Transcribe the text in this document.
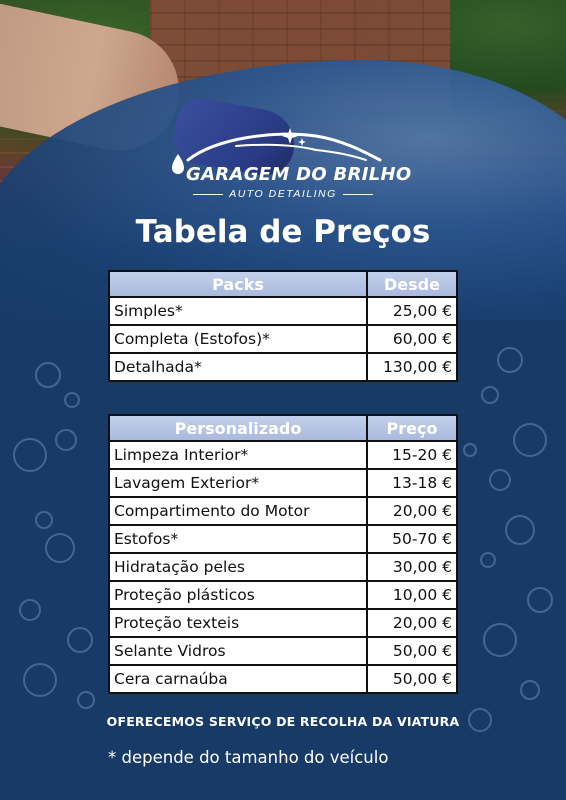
GARAGEM DO BRILHO
AUTO DETAILING
Tabela de Preços
Packs	Desde
Simples*	25,00 €
Completa (Estofos)*	60,00 €
Detalhada*	130,00 €
Personalizado	Preço
Limpeza Interior*	15-20 €
Lavagem Exterior*	13-18 €
Compartimento do Motor	20,00 €
Estofos*	50-70 €
Hidratação peles	30,00 €
Proteção plásticos	10,00 €
Proteção texteis	20,00 €
Selante Vidros	50,00 €
Cera carnaúba	50,00 €
OFERECEMOS SERVIÇO DE RECOLHA DA VIATURA
* depende do tamanho do veículo
